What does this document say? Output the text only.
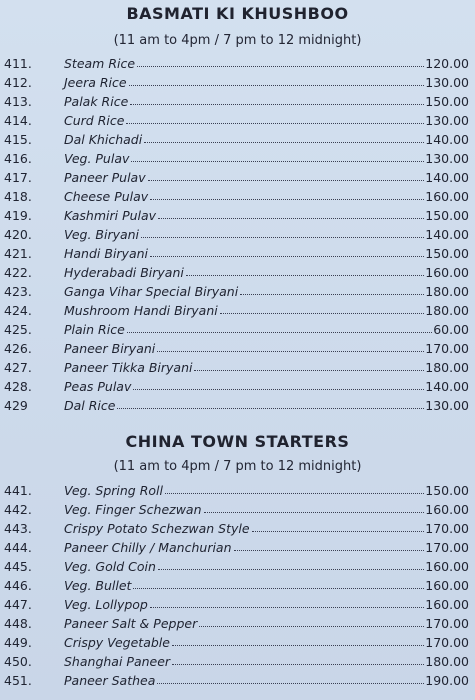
BASMATI KI KHUSHBOO
(11 am to 4pm / 7 pm to 12 midnight)
411.	Steam Rice	120.00
412.	Jeera Rice	130.00
413.	Palak Rice	150.00
414.	Curd Rice	130.00
415.	Dal Khichadi	140.00
416.	Veg. Pulav	130.00
417.	Paneer Pulav	140.00
418.	Cheese Pulav	160.00
419.	Kashmiri Pulav	150.00
420.	Veg. Biryani	140.00
421.	Handi Biryani	150.00
422.	Hyderabadi Biryani	160.00
423.	Ganga Vihar Special Biryani	180.00
424.	Mushroom Handi Biryani	180.00
425.	Plain Rice	60.00
426.	Paneer Biryani	170.00
427.	Paneer Tikka Biryani	180.00
428.	Peas Pulav	140.00
429	Dal Rice	130.00
CHINA TOWN STARTERS
(11 am to 4pm / 7 pm to 12 midnight)
441.	Veg. Spring Roll	150.00
442.	Veg. Finger Schezwan	160.00
443.	Crispy Potato Schezwan Style	170.00
444.	Paneer Chilly / Manchurian	170.00
445.	Veg. Gold Coin	160.00
446.	Veg. Bullet	160.00
447.	Veg. Lollypop	160.00
448.	Paneer Salt & Pepper	170.00
449.	Crispy Vegetable	170.00
450.	Shanghai Paneer	180.00
451.	Paneer Sathea	190.00
